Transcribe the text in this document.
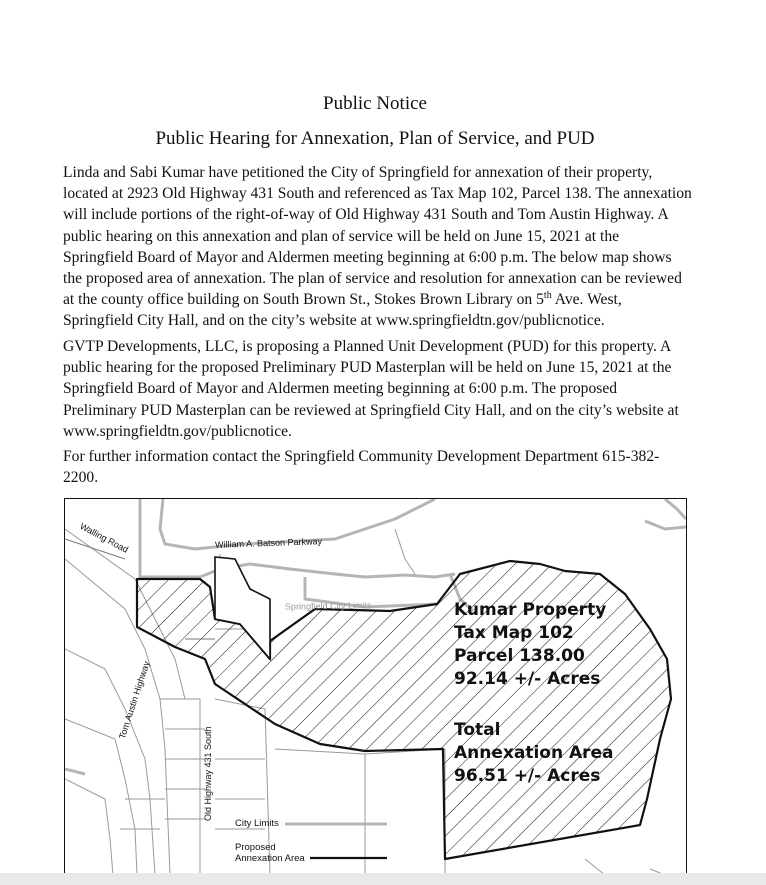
Public Notice
Public Hearing for Annexation, Plan of Service, and PUD

Linda and Sabi Kumar have petitioned the City of Springfield for annexation of their property, located at 2923 Old Highway 431 South and referenced as Tax Map 102, Parcel 138. The annexation will include portions of the right-of-way of Old Highway 431 South and Tom Austin Highway. A public hearing on this annexation and plan of service will be held on June 15, 2021 at the Springfield Board of Mayor and Aldermen meeting beginning at 6:00 p.m. The below map shows the proposed area of annexation. The plan of service and resolution for annexation can be reviewed at the county office building on South Brown St., Stokes Brown Library on 5th Ave. West, Springfield City Hall, and on the city’s website at www.springfieldtn.gov/publicnotice.

GVTP Developments, LLC, is proposing a Planned Unit Development (PUD) for this property. A public hearing for the proposed Preliminary PUD Masterplan will be held on June 15, 2021 at the Springfield Board of Mayor and Aldermen meeting beginning at 6:00 p.m. The proposed Preliminary PUD Masterplan can be reviewed at Springfield City Hall, and on the city’s website at www.springfieldtn.gov/publicnotice.

For further information contact the Springfield Community Development Department 615-382-2200.

Walling Road	William A. Batson Parkway
Springfield City Limits
Tom Austin Highway
Old Highway 431 South
Kumar Property
Tax Map 102
Parcel 138.00
92.14 +/- Acres
Total
Annexation Area
96.51 +/- Acres
City Limits
Proposed
Annexation Area
